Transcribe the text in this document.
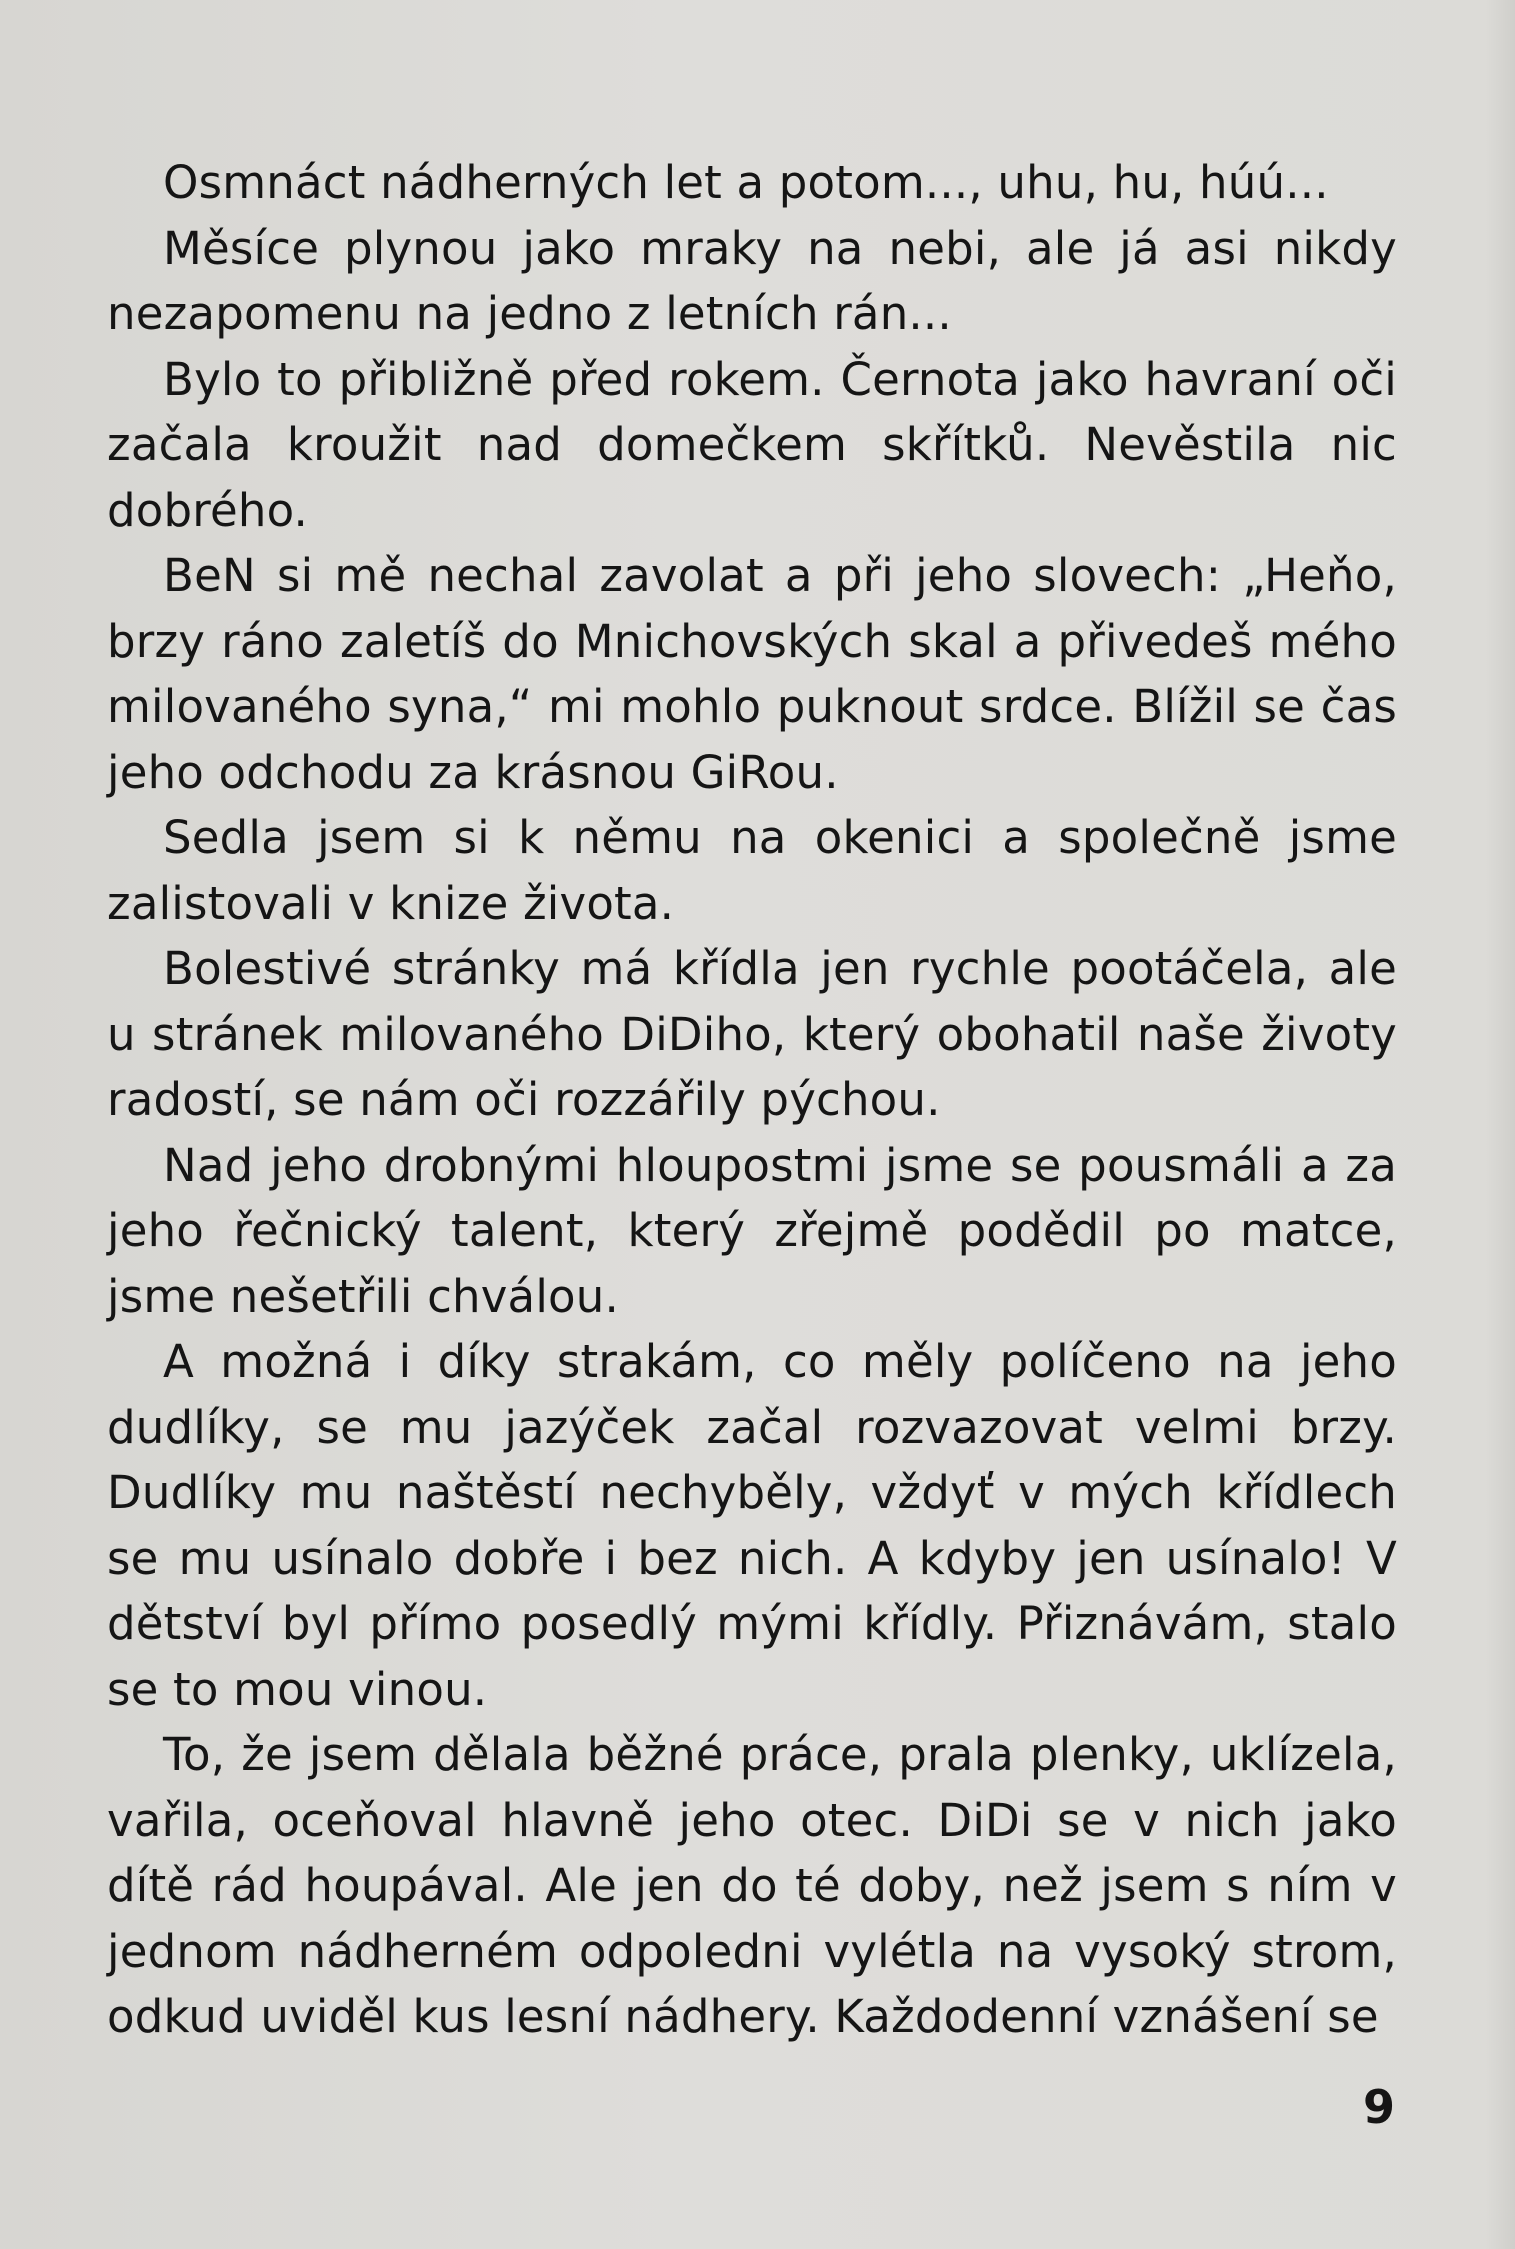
Osmnáct nádherných let a potom..., uhu, hu, húú...

Měsíce plynou jako mraky na nebi, ale já asi nikdy nezapomenu na jedno z letních rán...

Bylo to přibližně před rokem. Černota jako havraní oči začala kroužit nad domečkem skřítků. Nevěstila nic dobrého.

BeN si mě nechal zavolat a při jeho slovech: „Heňo, brzy ráno zaletíš do Mnichovských skal a přivedeš mého milovaného syna,“ mi mohlo puknout srdce. Blížil se čas jeho odchodu za krásnou GiRou.

Sedla jsem si k němu na okenici a společně jsme zalistovali v knize života.

Bolestivé stránky má křídla jen rychle pootáčela, ale u stránek milovaného DiDiho, který obohatil naše životy radostí, se nám oči rozzářily pýchou.

Nad jeho drobnými hloupostmi jsme se pousmáli a za jeho řečnický talent, který zřejmě podědil po matce, jsme nešetřili chválou.

A možná i díky strakám, co měly políčeno na jeho dudlíky, se mu jazýček začal rozvazovat velmi brzy. Dudlíky mu naštěstí nechyběly, vždyť v mých křídlech se mu usínalo dobře i bez nich. A kdyby jen usínalo! V dětství byl přímo posedlý mými křídly. Přiznávám, stalo se to mou vinou.

To, že jsem dělala běžné práce, prala plenky, uklízela, vařila, oceňoval hlavně jeho otec. DiDi se v nich jako dítě rád houpával. Ale jen do té doby, než jsem s ním v jednom nádherném odpoledni vylétla na vysoký strom, odkud uviděl kus lesní nádhery. Každodenní vznášení se

9
